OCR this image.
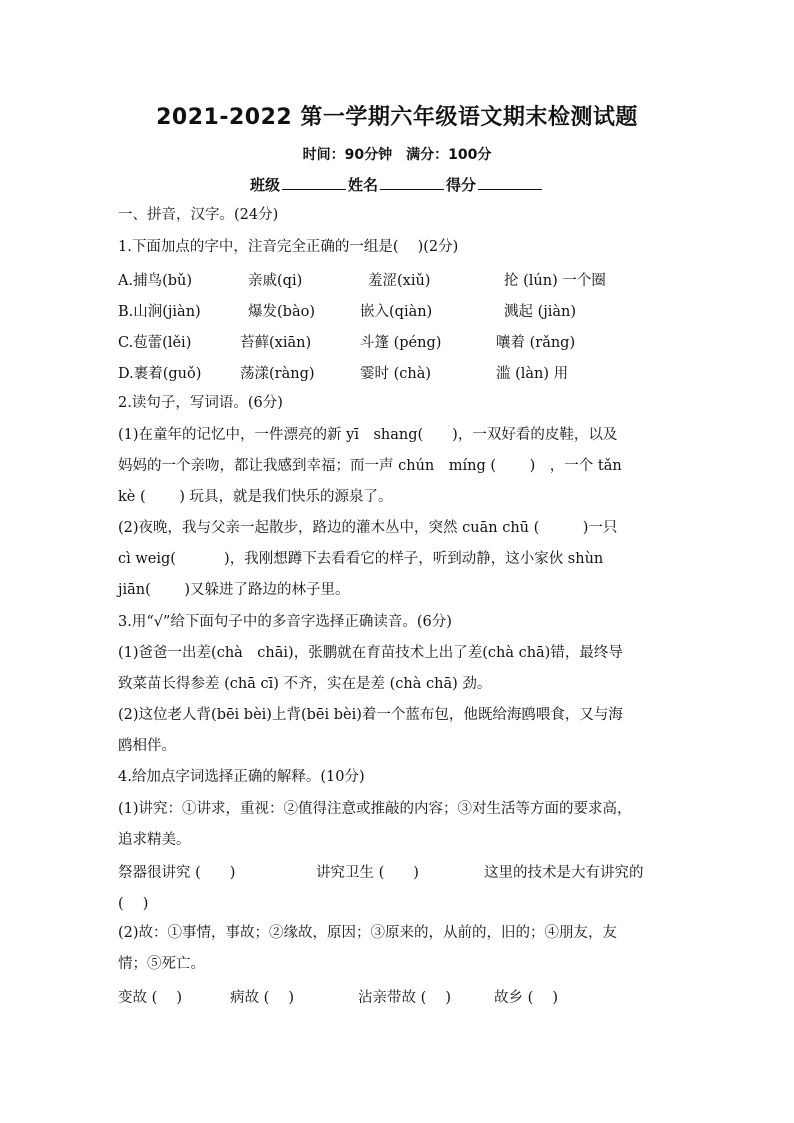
2021-2022 第一学期六年级语文期末检测试题
时间：90分钟 满分：100分
班级	姓名	得分
一、拼音，汉字。(24分)
1.下面加点的字中，注音完全正确的一组是(　 )(2分)
A.捕鸟(bǔ)	亲戚(qi)	羞涩(xiǔ)	抡 (lún) 一个圈
B.山涧(jiàn)	爆发(bào)	嵌入(qiàn)	溅起 (jiàn)
C.苞蕾(lěi)	苔藓(xiān)	斗篷 (péng)	嚷着 (rǎng)
D.裹着(guǒ)	荡漾(ràng)	霎时 (chà)	滥 (làn) 用
2.读句子，写词语。(6分)
(1)在童年的记忆中，一件漂亮的新 yī　shang(　　)，一双好看的皮鞋，以及
妈妈的一个亲吻，都让我感到幸福；而一声 chún　míng (　　 )　，一个 tǎn
kè (　　 ) 玩具，就是我们快乐的源泉了。
(2)夜晚，我与父亲一起散步，路边的灌木丛中，突然 cuān chū (　　　)一只
cì weig(　　　 )，我刚想蹲下去看看它的样子，听到动静，这小家伙 shùn
jiān(　　 )又躲进了路边的林子里。
3.用“√”给下面句子中的多音字选择正确读音。(6分)
(1)爸爸一出差(chà　chāi)，张鹏就在育苗技术上出了差(chà chā)错，最终导
致菜苗长得参差 (chā cī) 不齐，实在是差 (chà chā) 劲。
(2)这位老人背(bēi bèi)上背(bēi bèi)着一个蓝布包，他既给海鸥喂食，又与海
鸥相伴。
4.给加点字词选择正确的解释。(10分)
(1)讲究：①讲求，重视：②值得注意或推敲的内容；③对生活等方面的要求高，
追求精美。
祭器很讲究 (　　)	讲究卫生 (　　)	这里的技术是大有讲究的
(　 )
(2)故：①事情，事故；②缘故，原因；③原来的，从前的，旧的；④朋友，友
情；⑤死亡。
变故 (　 )	病故 (　 )	沾亲带故 (　 )	故乡 (　 )
